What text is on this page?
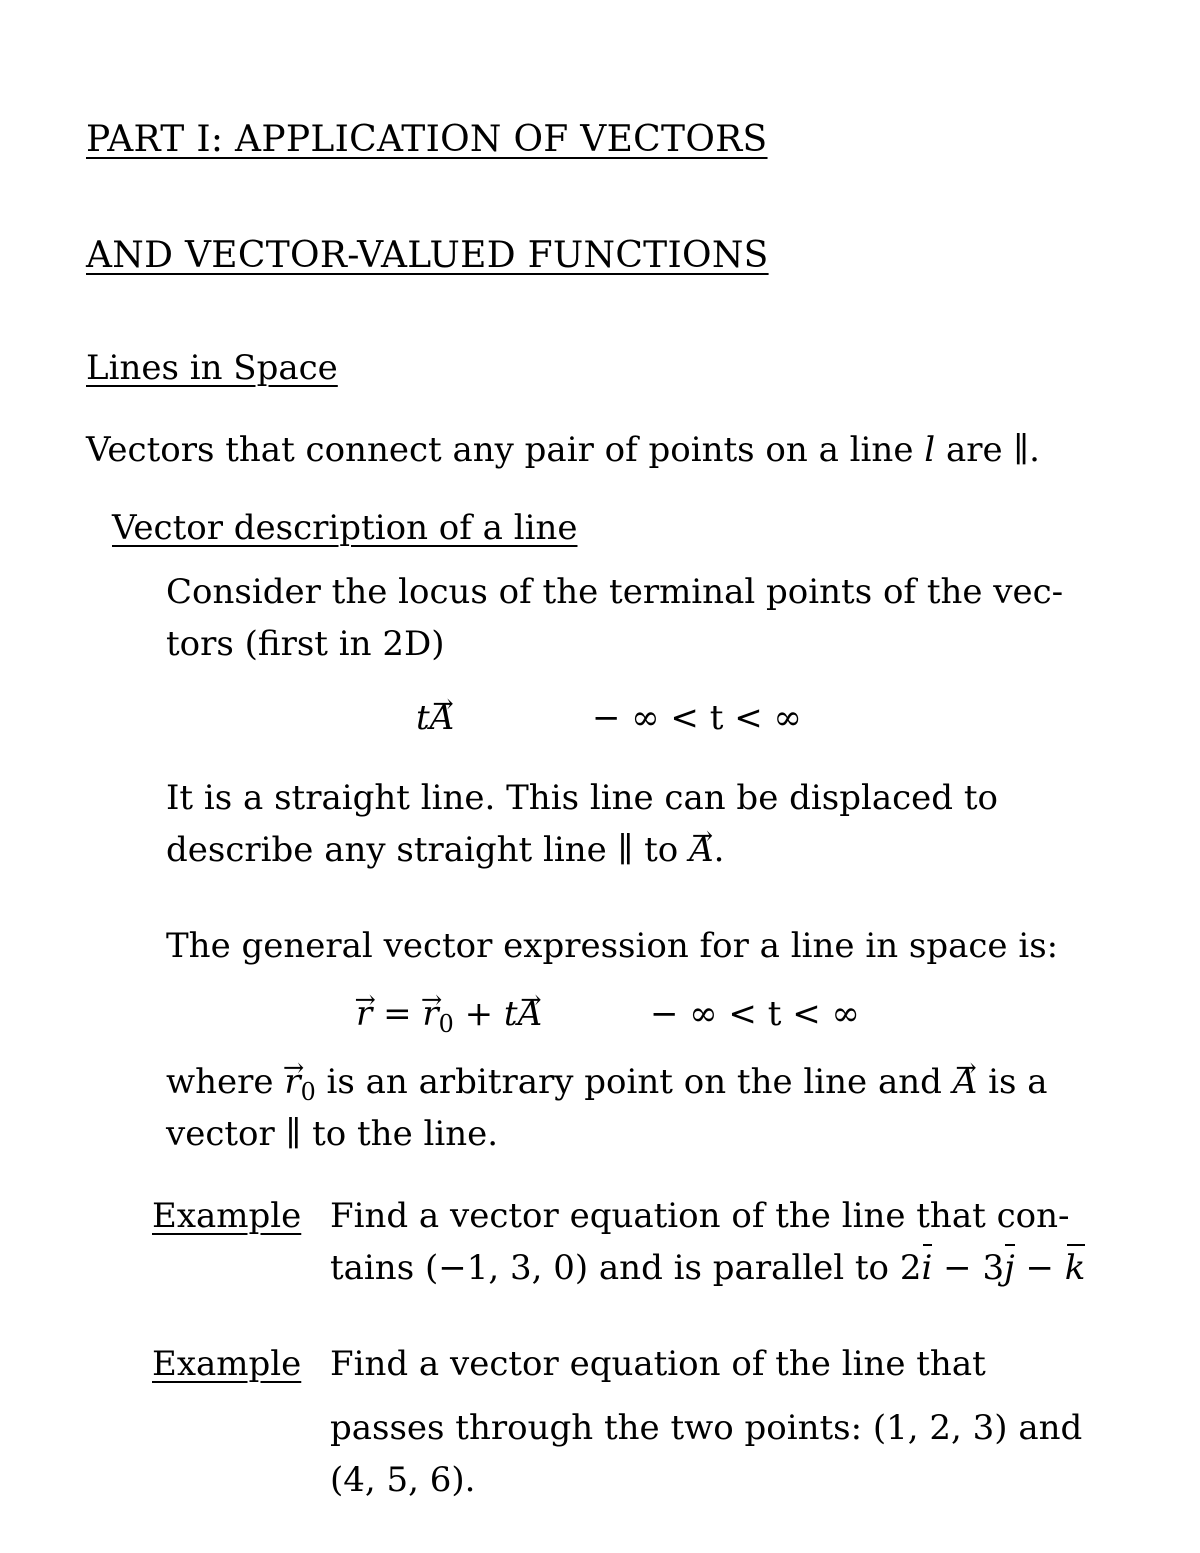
PART I: APPLICATION OF VECTORS
AND VECTOR-VALUED FUNCTIONS
Lines in Space
Vectors that connect any pair of points on a line l are ∥.
Vector description of a line
Consider the locus of the terminal points of the vec-
tors (first in 2D)
t→ A	− ∞ < t < ∞
It is a straight line. This line can be displaced to
describe any straight line ∥ to → A.
The general vector expression for a line in space is:
→ r = → $r_0 + t\to A$	− ∞ < t < ∞
where → $r_0$ is an arbitrary point on the line and → A is a
vector ∥ to the line.
Example Find a vector equation of the line that con-
tains (−1, 3, 0) and is parallel to 2i − 3j − k
Example Find a vector equation of the line that
passes through the two points: (1, 2, 3) and
(4, 5, 6).
